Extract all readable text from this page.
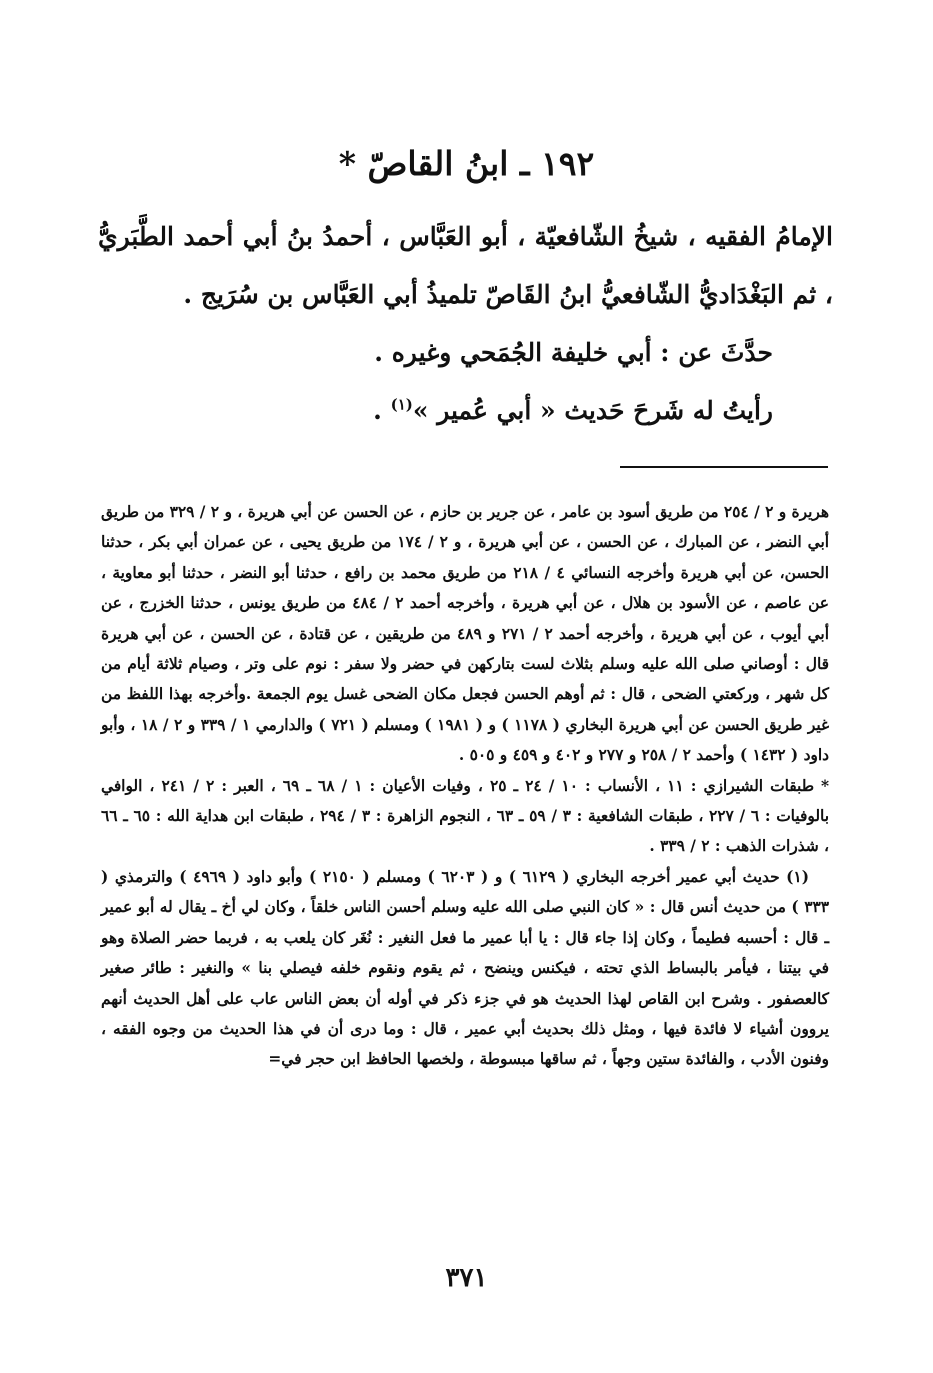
١٩٢ ـ ابنُ القاصّ *

الإمامُ الفقيه ، شيخُ الشّافعيّة ، أبو العَبَّاس ، أحمدُ بنُ أبي أحمد الطَّبَريُّ ، ثم البَغْدَاديُّ الشّافعيُّ ابنُ القَاصّ تلميذُ أبي العَبَّاس بن سُرَيج .

حدَّثَ عن : أبي خليفة الجُمَحي وغيره .

رأيتُ له شَرحَ حَديث « أبي عُمير »$^{(١)}$ .

هريرة و ٢ / ٢٥٤ من طريق أسود بن عامر ، عن جرير بن حازم ، عن الحسن عن أبي هريرة ، و ٢ / ٣٢٩ من طريق أبي النضر ، عن المبارك ، عن الحسن ، عن أبي هريرة ، و ٢ / ١٧٤ من طريق يحيى ، عن عمران أبي بكر ، حدثنا الحسن، عن أبي هريرة وأخرجه النسائي ٤ / ٢١٨ من طريق محمد بن رافع ، حدثنا أبو النضر ، حدثنا أبو معاوية ، عن عاصم ، عن الأسود بن هلال ، عن أبي هريرة ، وأخرجه أحمد ٢ / ٤٨٤ من طريق يونس ، حدثنا الخزرج ، عن أبي أيوب ، عن أبي هريرة ، وأخرجه أحمد ٢ / ٢٧١ و ٤٨٩ من طريقين ، عن قتادة ، عن الحسن ، عن أبي هريرة قال : أوصاني صلى الله عليه وسلم بثلاث لست بتاركهن في حضر ولا سفر : نوم على وتر ، وصيام ثلاثة أيام من كل شهر ، وركعتي الضحى ، قال : ثم أوهم الحسن فجعل مكان الضحى غسل يوم الجمعة .وأخرجه بهذا اللفظ من غير طريق الحسن عن أبي هريرة البخاري ( ١١٧٨ ) و ( ١٩٨١ ) ومسلم ( ٧٢١ ) والدارمي ١ / ٣٣٩ و ٢ / ١٨ ، وأبو داود ( ١٤٣٢ ) وأحمد ٢ / ٢٥٨ و ٢٧٧ و ٤٠٢ و ٤٥٩ و ٥٠٥ .

* طبقات الشيرازي : ١١ ، الأنساب : ١٠ / ٢٤ ـ ٢٥ ، وفيات الأعيان : ١ / ٦٨ ـ ٦٩ ، العبر : ٢ / ٢٤١ ، الوافي بالوفيات : ٦ / ٢٢٧ ، طبقات الشافعية : ٣ / ٥٩ ـ ٦٣ ، النجوم الزاهرة : ٣ / ٢٩٤ ، طبقات ابن هداية الله : ٦٥ ـ ٦٦ ، شذرات الذهب : ٢ / ٣٣٩ .

(١) حديث أبي عمير أخرجه البخاري ( ٦١٢٩ ) و ( ٦٢٠٣ ) ومسلم ( ٢١٥٠ ) وأبو داود ( ٤٩٦٩ ) والترمذي ( ٣٣٣ ) من حديث أنس قال : « كان النبي صلى الله عليه وسلم أحسن الناس خلقاً ، وكان لي أخ ـ يقال له أبو عمير ـ قال : أحسبه فطيماً ، وكان إذا جاء قال : يا أبا عمير ما فعل النغير : نُغَر كان يلعب به ، فربما حضر الصلاة وهو في بيتنا ، فيأمر بالبساط الذي تحته ، فيكنس وينضح ، ثم يقوم ونقوم خلفه فيصلي بنا » والنغير : طائر صغير كالعصفور . وشرح ابن القاص لهذا الحديث هو في جزء ذكر في أوله أن بعض الناس عاب على أهل الحديث أنهم يروون أشياء لا فائدة فيها ، ومثل ذلك بحديث أبي عمير ، قال : وما درى أن في هذا الحديث من وجوه الفقه ، وفنون الأدب ، والفائدة ستين وجهاً ، ثم ساقها مبسوطة ، ولخصها الحافظ ابن حجر في=

٣٧١
